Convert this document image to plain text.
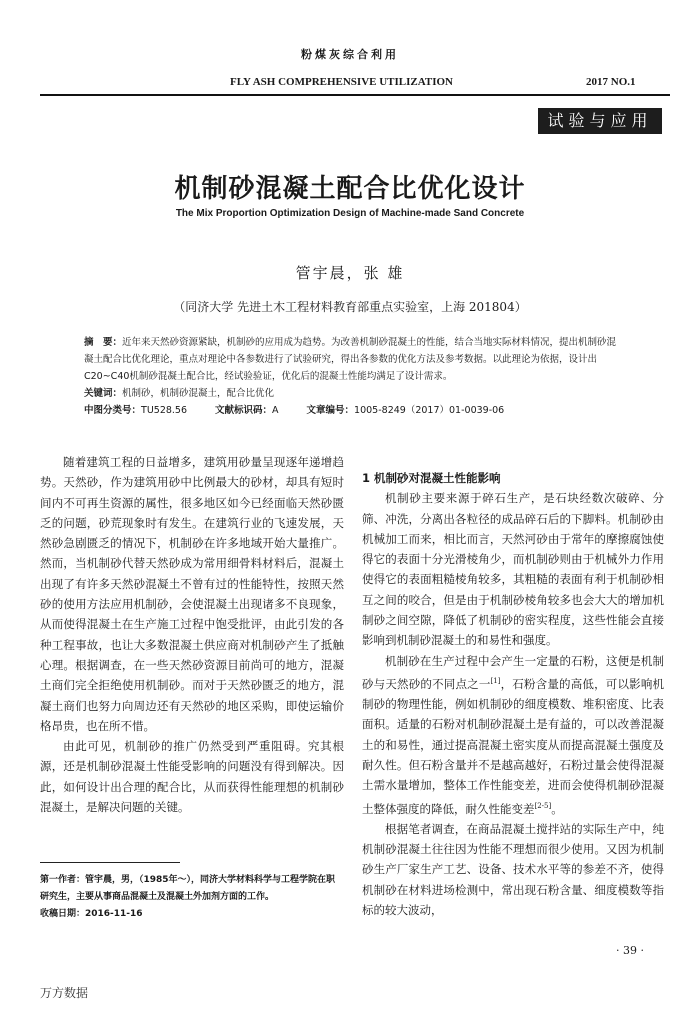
粉煤灰综合利用
FLY ASH COMPREHENSIVE UTILIZATION	2017 NO.1
试验与应用
机制砂混凝土配合比优化设计
The Mix Proportion Optimization Design of Machine-made Sand Concrete
管宇晨，张 雄
（同济大学 先进土木工程材料教育部重点实验室，上海 201804）

摘　要：近年来天然砂资源紧缺，机制砂的应用成为趋势。为改善机制砂混凝土的性能，结合当地实际材料情况，提出机制砂混凝土配合比优化理论，重点对理论中各参数进行了试验研究，得出各参数的优化方法及参考数据。以此理论为依据，设计出C20~C40机制砂混凝土配合比，经试验验证，优化后的混凝土性能均满足了设计需求。

关键词：机制砂，机制砂混凝土，配合比优化

中图分类号：TU528.56	文献标识码：A	文章编号：1005-8249（2017）01-0039-06

随着建筑工程的日益增多，建筑用砂量呈现逐年递增趋势。天然砂，作为建筑用砂中比例最大的砂材，却具有短时间内不可再生资源的属性，很多地区如今已经面临天然砂匮乏的问题，砂荒现象时有发生。在建筑行业的飞速发展，天然砂急剧匮乏的情况下，机制砂在许多地域开始大量推广。然而，当机制砂代替天然砂成为常用细骨料材料后，混凝土出现了有许多天然砂混凝土不曾有过的性能特性，按照天然砂的使用方法应用机制砂，会使混凝土出现诸多不良现象，从而使得混凝土在生产施工过程中饱受批评，由此引发的各种工程事故，也让大多数混凝土供应商对机制砂产生了抵触心理。根据调查，在一些天然砂资源目前尚可的地方，混凝土商们完全拒绝使用机制砂。而对于天然砂匮乏的地方，混凝土商们也努力向周边还有天然砂的地区采购，即使运输价格昂贵，也在所不惜。

由此可见，机制砂的推广仍然受到严重阻碍。究其根源，还是机制砂混凝土性能受影响的问题没有得到解决。因此，如何设计出合理的配合比，从而获得性能理想的机制砂混凝土，是解决问题的关键。

1 机制砂对混凝土性能影响

机制砂主要来源于碎石生产，是石块经数次破碎、分筛、冲洗，分离出各粒径的成品碎石后的下脚料。机制砂由机械加工而来，相比而言，天然河砂由于常年的摩擦腐蚀使得它的表面十分光滑棱角少，而机制砂则由于机械外力作用使得它的表面粗糙棱角较多，其粗糙的表面有利于机制砂相互之间的咬合，但是由于机制砂棱角较多也会大大的增加机制砂之间空隙，降低了机制砂的密实程度，这些性能会直接影响到机制砂混凝土的和易性和强度。

机制砂在生产过程中会产生一定量的石粉，这便是机制砂与天然砂的不同点之一[1]，石粉含量的高低，可以影响机制砂的物理性能，例如机制砂的细度模数、堆积密度、比表面积。适量的石粉对机制砂混凝土是有益的，可以改善混凝土的和易性，通过提高混凝土密实度从而提高混凝土强度及耐久性。但石粉含量并不是越高越好，石粉过量会使得混凝土需水量增加，整体工作性能变差，进而会使得机制砂混凝土整体强度的降低，耐久性能变差[2-5]。

根据笔者调查，在商品混凝土搅拌站的实际生产中，纯机制砂混凝土往往因为性能不理想而很少使用。又因为机制砂生产厂家生产工艺、设备、技术水平等的参差不齐，使得机制砂在材料进场检测中，常出现石粉含量、细度模数等指标的较大波动，

第一作者：管宇晨，男，（1985年～），同济大学材料科学与工程学院在职研究生，主要从事商品混凝土及混凝土外加剂方面的工作。

收稿日期：2016-11-16

· 39 ·
万方数据
